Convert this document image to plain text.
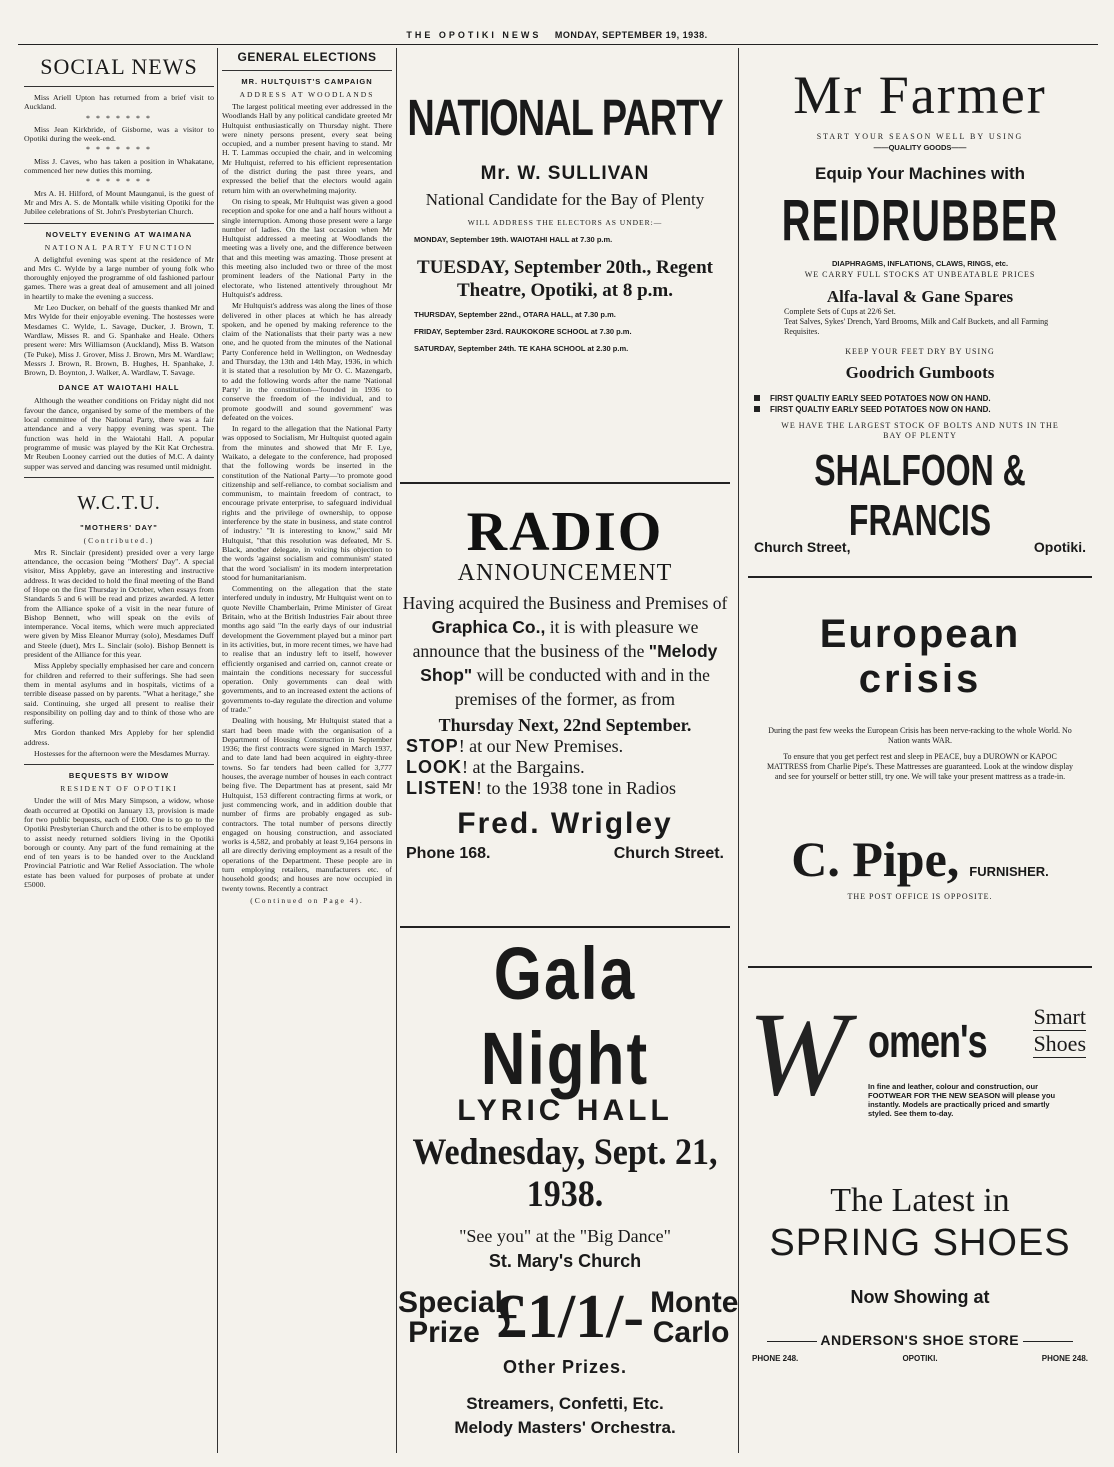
THE OPOTIKI NEWS MONDAY, SEPTEMBER 19, 1938.
SOCIAL NEWS

Miss Ariell Upton has returned from a brief visit to Auckland.

* * * * * * *

Miss Jean Kirkbride, of Gisborne, was a visitor to Opotiki during the week-end.

* * * * * * *

Miss J. Caves, who has taken a position in Whakatane, commenced her new duties this morning.

* * * * * * *

Mrs A. H. Hilford, of Mount Maunganui, is the guest of Mr and Mrs A. S. de Montalk while visiting Opotiki for the Jubilee celebrations of St. John's Presbyterian Church.

NOVELTY EVENING AT WAIMANA
NATIONAL PARTY FUNCTION

A delightful evening was spent at the residence of Mr and Mrs C. Wylde by a large number of young folk who thoroughly enjoyed the programme of old fashioned parlour games. There was a great deal of amusement and all joined in heartily to make the evening a success.

Mr Leo Ducker, on behalf of the guests thanked Mr and Mrs Wylde for their enjoyable evening. The hostesses were Mesdames C. Wylde, L. Savage, Ducker, J. Brown, T. Wardlaw, Misses R. and G. Spanhake and Heale. Others present were: Mrs Williamson (Auckland), Miss B. Watson (Te Puke), Miss J. Grover, Miss J. Brown, Mrs M. Wardlaw; Messrs J. Brown, R. Brown, B. Hughes, H. Spanhake, J. Brown, D. Boynton, J. Walker, A. Wardlaw, T. Savage.

DANCE AT WAIOTAHI HALL

Although the weather conditions on Friday night did not favour the dance, organised by some of the members of the local committee of the National Party, there was a fair attendance and a very happy evening was spent. The function was held in the Waiotahi Hall. A popular programme of music was played by the Kit Kat Orchestra. Mr Reuben Looney carried out the duties of M.C. A dainty supper was served and dancing was resumed until midnight.

W.C.T.U.
"MOTHERS' DAY"
(Contributed.)

Mrs R. Sinclair (president) presided over a very large attendance, the occasion being "Mothers' Day". A special visitor, Miss Appleby, gave an interesting and instructive address. It was decided to hold the final meeting of the Band of Hope on the first Thursday in October, when essays from Standards 5 and 6 will be read and prizes awarded. A letter from the Alliance spoke of a visit in the near future of Bishop Bennett, who will speak on the evils of intemperance. Vocal items, which were much appreciated were given by Miss Eleanor Murray (solo), Mesdames Duff and Steele (duet), Mrs L. Sinclair (solo). Bishop Bennett is president of the Alliance for this year.

Miss Appleby specially emphasised her care and concern for children and referred to their sufferings. She had seen them in mental asylums and in hospitals, victims of a terrible disease passed on by parents. "What a heritage," she said. Continuing, she urged all present to realise their responsibility on polling day and to think of those who are suffering.

Mrs Gordon thanked Mrs Appleby for her splendid address.

Hostesses for the afternoon were the Mesdames Murray.

BEQUESTS BY WIDOW
RESIDENT OF OPOTIKI

Under the will of Mrs Mary Simpson, a widow, whose death occurred at Opotiki on January 13, provision is made for two public bequests, each of £100. One is to go to the Opotiki Presbyterian Church and the other is to be employed to assist needy returned soldiers living in the Opotiki borough or county. Any part of the fund remaining at the end of ten years is to be handed over to the Auckland Provincial Patriotic and War Relief Association. The whole estate has been valued for purposes of probate at under £5000.

GENERAL ELECTIONS
MR. HULTQUIST'S CAMPAIGN
ADDRESS AT WOODLANDS

The largest political meeting ever addressed in the Woodlands Hall by any political candidate greeted Mr Hultquist enthusiastically on Thursday night. There were ninety persons present, every seat being occupied, and a number present having to stand. Mr H. T. Lammas occupied the chair, and in welcoming Mr Hultquist, referred to his efficient representation of the district during the past three years, and expressed the belief that the electors would again return him with an overwhelming majority.

On rising to speak, Mr Hultquist was given a good reception and spoke for one and a half hours without a single interruption. Among those present were a large number of ladies. On the last occasion when Mr Hultquist addressed a meeting at Woodlands the meeting was a lively one, and the difference between that and this meeting was amazing. Those present at this meeting also included two or three of the most prominent leaders of the National Party in the electorate, who listened attentively throughout Mr Hultquist's address.

Mr Hultquist's address was along the lines of those delivered in other places at which he has already spoken, and he opened by making reference to the claim of the Nationalists that their party was a new one, and he quoted from the minutes of the National Party Conference held in Wellington, on Wednesday and Thursday, the 13th and 14th May, 1936, in which it is stated that a resolution by Mr O. C. Mazengarb, to add the following words after the name 'National Party' in the constitution—'founded in 1936 to conserve the freedom of the individual, and to promote goodwill and sound government' was defeated on the voices.

In regard to the allegation that the National Party was opposed to Socialism, Mr Hultquist quoted again from the minutes and showed that Mr F. Lye, Waikato, a delegate to the conference, had proposed that the following words be inserted in the constitution of the National Party—'to promote good citizenship and self-reliance, to combat socialism and communism, to maintain freedom of contract, to encourage private enterprise, to safeguard individual rights and the privilege of ownership, to oppose interference by the state in business, and state control of industry.' "It is interesting to know," said Mr Hultquist, "that this resolution was defeated, Mr S. Black, another delegate, in voicing his objection to the words 'against socialism and communism' stated that the word 'socialism' in its modern interpretation stood for humanitarianism.

Commenting on the allegation that the state interfered unduly in industry, Mr Hultquist went on to quote Neville Chamberlain, Prime Minister of Great Britain, who at the British Industries Fair about three months ago said "In the early days of our industrial development the Government played but a minor part in its activities, but, in more recent times, we have had to realise that an industry left to itself, however efficiently organised and carried on, cannot create or maintain the conditions necessary for successful operation. Only governments can deal with governments, and to an increased extent the actions of governments to-day regulate the direction and volume of trade."

Dealing with housing, Mr Hultquist stated that a start had been made with the organisation of a Department of Housing Construction in September 1936; the first contracts were signed in March 1937, and to date land had been acquired in eighty-three towns. So far tenders had been called for 3,777 houses, the average number of houses in each contract being five. The Department has at present, said Mr Hultquist, 153 different contracting firms at work, or just commencing work, and in addition double that number of firms are probably engaged as sub-contractors. The total number of persons directly engaged on housing construction, and associated works is 4,582, and probably at least 9,164 persons in all are directly deriving employment as a result of the operations of the Department. These people are in turn employing retailers, manufacturers etc. of household goods; and houses are now occupied in twenty towns. Recently a contract

(Continued on Page 4).
NATIONAL PARTY
Mr. W. SULLIVAN
National Candidate for the Bay of Plenty
WILL ADDRESS THE ELECTORS AS UNDER:—
MONDAY, September 19th. WAIOTAHI HALL at 7.30 p.m.
TUESDAY, September 20th., Regent Theatre, Opotiki, at 8 p.m.
THURSDAY, September 22nd., OTARA HALL, at 7.30 p.m.
FRIDAY, September 23rd. RAUKOKORE SCHOOL at 7.30 p.m.
SATURDAY, September 24th. TE KAHA SCHOOL at 2.30 p.m.
RADIO
ANNOUNCEMENT
Having acquired the Business and Premises of Graphica Co., it is with pleasure we announce that the business of the "Melody Shop" will be conducted with and in the premises of the former, as from
Thursday Next, 22nd September.
STOP! at our New Premises.
LOOK! at the Bargains.
LISTEN! to the 1938 tone in Radios
Fred. Wrigley
Phone 168.	Church Street.
Gala Night
LYRIC HALL
Wednesday, Sept. 21, 1938.
"See you" at the "Big Dance"
St. Mary's Church
Special Prize £1/1/- Monte Carlo
Other Prizes.
Streamers, Confetti, Etc.
Melody Masters' Orchestra.
Mr Farmer
START YOUR SEASON WELL BY USING
——QUALITY GOODS——
Equip Your Machines with
REIDRUBBER
DIAPHRAGMS, INFLATIONS, CLAWS, RINGS, etc.
WE CARRY FULL STOCKS AT UNBEATABLE PRICES
Alfa-laval & Gane Spares
Complete Sets of Cups at 22/6 Set.
Teat Salves, Sykes' Drench, Yard Brooms, Milk and Calf Buckets, and all Farming Requisites.
KEEP YOUR FEET DRY BY USING
Goodrich Gumboots
FIRST QUALTIY EARLY SEED POTATOES NOW ON HAND.
FIRST QUALTIY EARLY SEED POTATOES NOW ON HAND.
WE HAVE THE LARGEST STOCK OF BOLTS AND NUTS IN THE BAY OF PLENTY
SHALFOON & FRANCIS
Church Street,	Opotiki.
European
crisis
During the past few weeks the European Crisis has been nerve-racking to the whole World. No Nation wants WAR.
To ensure that you get perfect rest and sleep in PEACE, buy a DUROWN or KAPOC MATTRESS from Charlie Pipe's. These Mattresses are guaranteed. Look at the window display and see for yourself or better still, try one. We will take your present mattress as a trade-in.
C. Pipe, FURNISHER.
THE POST OFFICE IS OPPOSITE.
W omen's Smart
Shoes
In fine and leather, colour and construction, our FOOTWEAR FOR THE NEW SEASON will please you instantly. Models are practically priced and smartly styled. See them to-day.
The Latest in
SPRING SHOES
Now Showing at
ANDERSON'S SHOE STORE
PHONE 248.	OPOTIKI.	PHONE 248.
